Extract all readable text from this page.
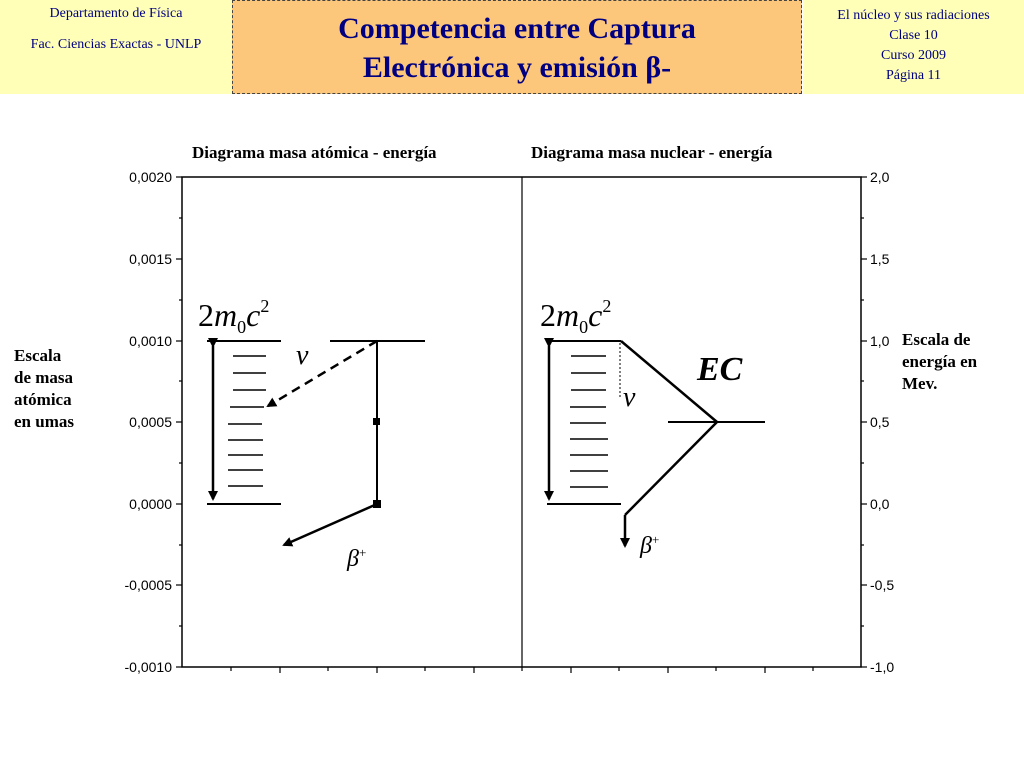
Departamento de Física
Fac. Ciencias Exactas - UNLP	Competencia entre Captura
Electrónica y emisión β-
El núcleo y sus radiaciones
Clase 10
Curso 2009
Página 11
Diagrama masa atómica - energía	Diagrama masa nuclear - energía
Escala
de masa
atómica
en umas
Escala de
energía en
Mev.
0,0020
0,0015
0,0010
0,0005
0,0000
-0,0005
-0,0010
2,0
1,5
1,0
0,5
0,0
-0,5
-1,0
2m0c2
ν
β+
2m0c2
ν
EC
β+
